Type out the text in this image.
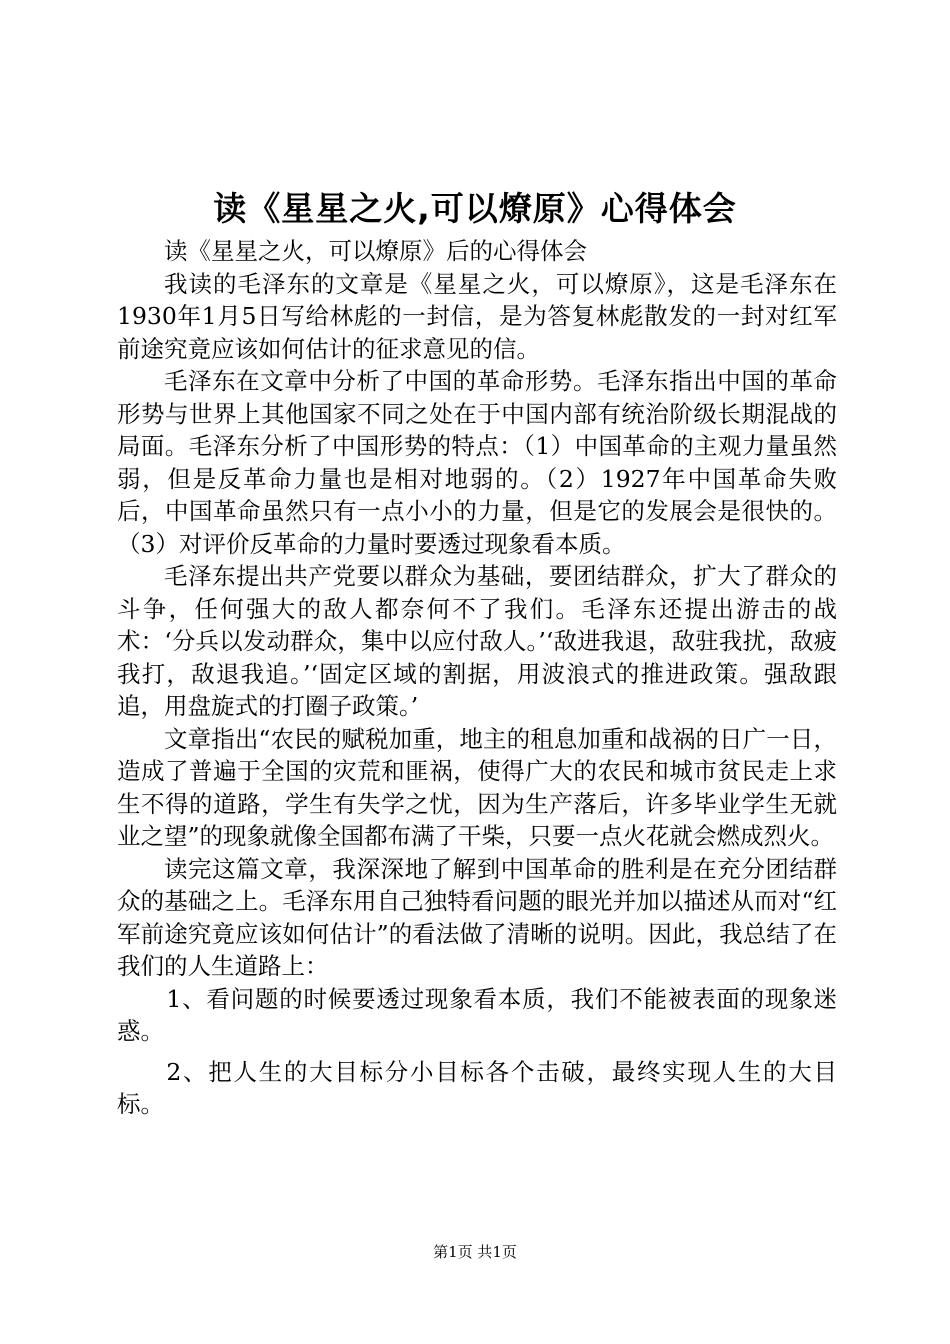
读《星星之火,可以燎原》心得体会

读《星星之火，可以燎原》后的心得体会

我读的毛泽东的文章是《星星之火，可以燎原》，这是毛泽东在1930年1月5日写给林彪的一封信，是为答复林彪散发的一封对红军前途究竟应该如何估计的征求意见的信。

毛泽东在文章中分析了中国的革命形势。毛泽东指出中国的革命形势与世界上其他国家不同之处在于中国内部有统治阶级长期混战的局面。毛泽东分析了中国形势的特点：（1）中国革命的主观力量虽然弱，但是反革命力量也是相对地弱的。（2）1927年中国革命失败后，中国革命虽然只有一点小小的力量，但是它的发展会是很快的。（3）对评价反革命的力量时要透过现象看本质。

毛泽东提出共产党要以群众为基础，要团结群众，扩大了群众的斗争，任何强大的敌人都奈何不了我们。毛泽东还提出游击的战术：‘分兵以发动群众，集中以应付敌人。’‘敌进我退，敌驻我扰，敌疲我打，敌退我追。’‘固定区域的割据，用波浪式的推进政策。强敌跟追，用盘旋式的打圈子政策。’

文章指出“农民的赋税加重，地主的租息加重和战祸的日广一日，造成了普遍于全国的灾荒和匪祸，使得广大的农民和城市贫民走上求生不得的道路，学生有失学之忧，因为生产落后，许多毕业学生无就业之望”的现象就像全国都布满了干柴，只要一点火花就会燃成烈火。

读完这篇文章，我深深地了解到中国革命的胜利是在充分团结群众的基础之上。毛泽东用自己独特看问题的眼光并加以描述从而对“红军前途究竟应该如何估计”的看法做了清晰的说明。因此，我总结了在我们的人生道路上：

1、看问题的时候要透过现象看本质，我们不能被表面的现象迷惑。

2、把人生的大目标分小目标各个击破，最终实现人生的大目标。

第1页 共1页
